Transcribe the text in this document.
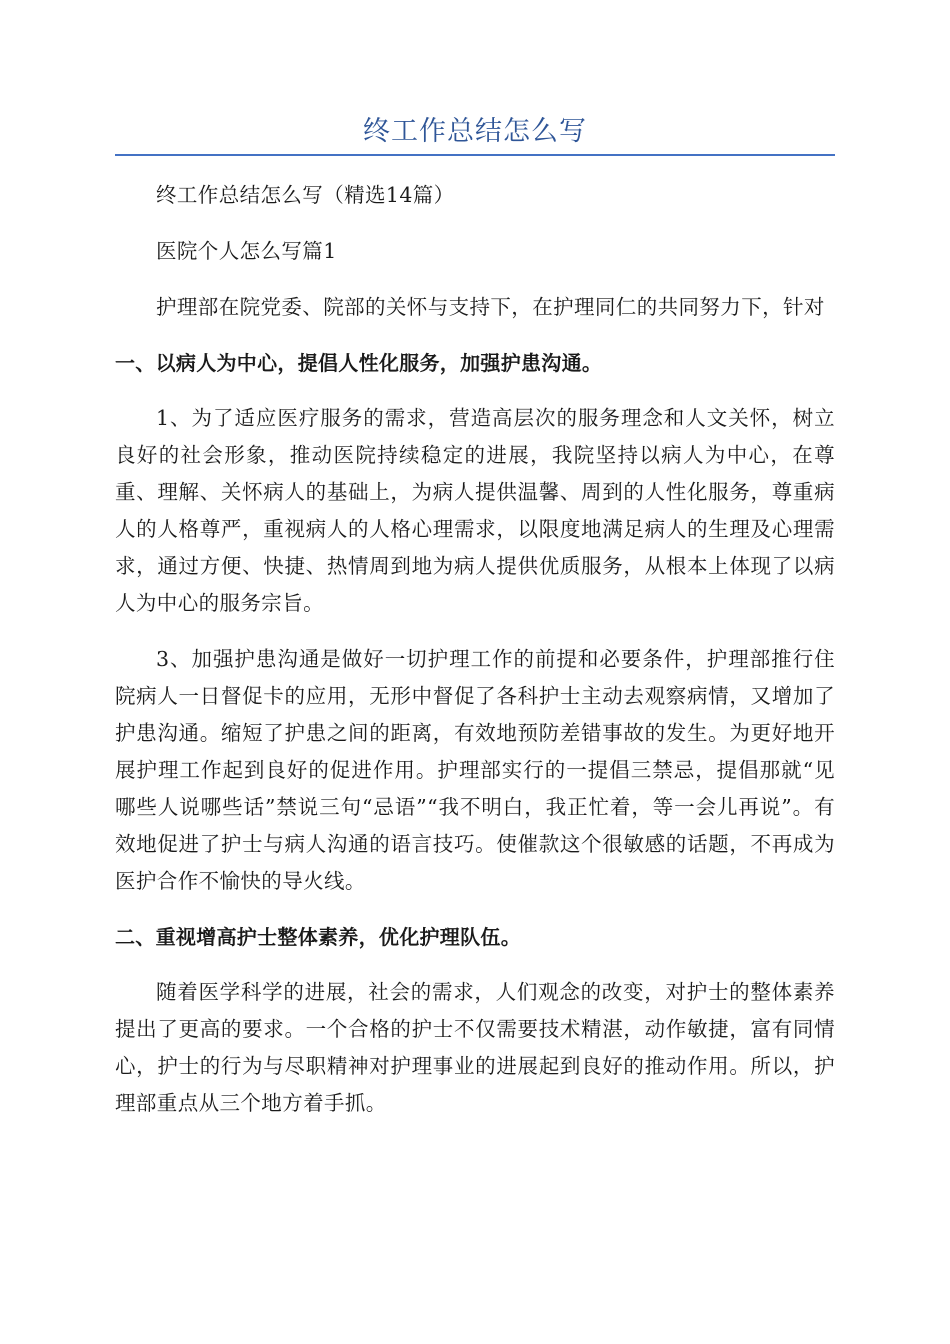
终工作总结怎么写

终工作总结怎么写（精选14篇）

医院个人怎么写篇1

护理部在院党委、院部的关怀与支持下，在护理同仁的共同努力下，针对

一、以病人为中心，提倡人性化服务，加强护患沟通。

1、为了适应医疗服务的需求，营造高层次的服务理念和人文关怀，树立良好的社会形象，推动医院持续稳定的进展，我院坚持以病人为中心，在尊重、理解、关怀病人的基础上，为病人提供温馨、周到的人性化服务，尊重病人的人格尊严，重视病人的人格心理需求，以限度地满足病人的生理及心理需求，通过方便、快捷、热情周到地为病人提供优质服务，从根本上体现了以病人为中心的服务宗旨。

3、加强护患沟通是做好一切护理工作的前提和必要条件，护理部推行住院病人一日督促卡的应用，无形中督促了各科护士主动去观察病情，又增加了护患沟通。缩短了护患之间的距离，有效地预防差错事故的发生。为更好地开展护理工作起到良好的促进作用。护理部实行的一提倡三禁忌，提倡那就“见哪些人说哪些话”禁说三句“忌语”“我不明白，我正忙着，等一会儿再说”。有效地促进了护士与病人沟通的语言技巧。使催款这个很敏感的话题，不再成为医护合作不愉快的导火线。

二、重视增高护士整体素养，优化护理队伍。

随着医学科学的进展，社会的需求，人们观念的改变，对护士的整体素养提出了更高的要求。一个合格的护士不仅需要技术精湛，动作敏捷，富有同情心，护士的行为与尽职精神对护理事业的进展起到良好的推动作用。所以，护理部重点从三个地方着手抓。
